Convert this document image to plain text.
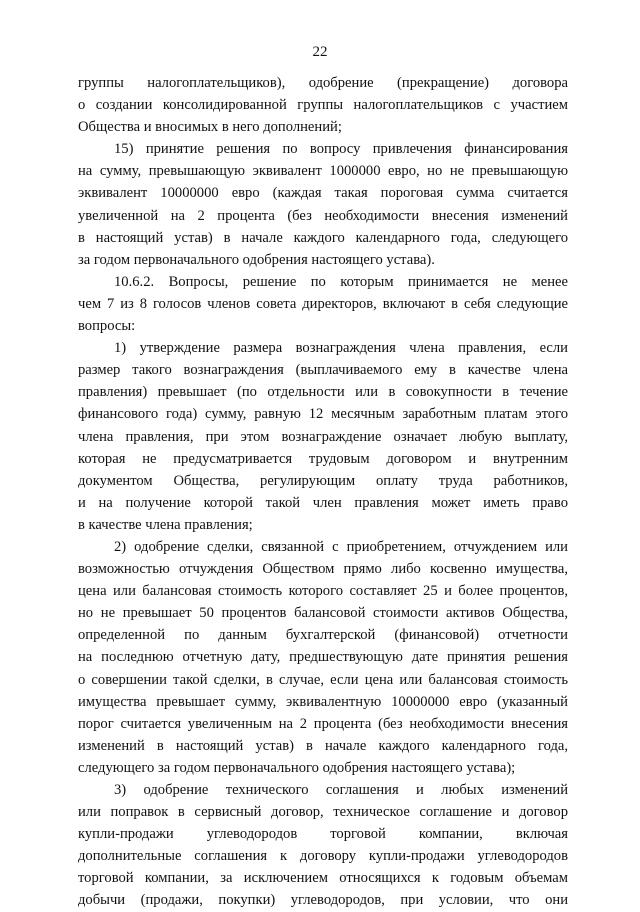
22
группы налогоплательщиков), одобрение (прекращение) договора
о создании консолидированной группы налогоплательщиков с участием
Общества и вносимых в него дополнений;
15) принятие решения по вопросу привлечения финансирования
на сумму, превышающую эквивалент 1000000 евро, но не превышающую
эквивалент 10000000 евро (каждая такая пороговая сумма считается
увеличенной на 2 процента (без необходимости внесения изменений
в настоящий устав) в начале каждого календарного года, следующего
за годом первоначального одобрения настоящего устава).
10.6.2. Вопросы, решение по которым принимается не менее
чем 7 из 8 голосов членов совета директоров, включают в себя следующие
вопросы:
1) утверждение размера вознаграждения члена правления, если
размер такого вознаграждения (выплачиваемого ему в качестве члена
правления) превышает (по отдельности или в совокупности в течение
финансового года) сумму, равную 12 месячным заработным платам этого
члена правления, при этом вознаграждение означает любую выплату,
которая не предусматривается трудовым договором и внутренним
документом Общества, регулирующим оплату труда работников,
и на получение которой такой член правления может иметь право
в качестве члена правления;
2) одобрение сделки, связанной с приобретением, отчуждением или
возможностью отчуждения Обществом прямо либо косвенно имущества,
цена или балансовая стоимость которого составляет 25 и более процентов,
но не превышает 50 процентов балансовой стоимости активов Общества,
определенной по данным бухгалтерской (финансовой) отчетности
на последнюю отчетную дату, предшествующую дате принятия решения
о совершении такой сделки, в случае, если цена или балансовая стоимость
имущества превышает сумму, эквивалентную 10000000 евро (указанный
порог считается увеличенным на 2 процента (без необходимости внесения
изменений в настоящий устав) в начале каждого календарного года,
следующего за годом первоначального одобрения настоящего устава);
3) одобрение технического соглашения и любых изменений
или поправок в сервисный договор, техническое соглашение и договор
купли-продажи углеводородов торговой компании, включая
дополнительные соглашения к договору купли-продажи углеводородов
торговой компании, за исключением относящихся к годовым объемам
добычи (продажи, покупки) углеводородов, при условии, что они
